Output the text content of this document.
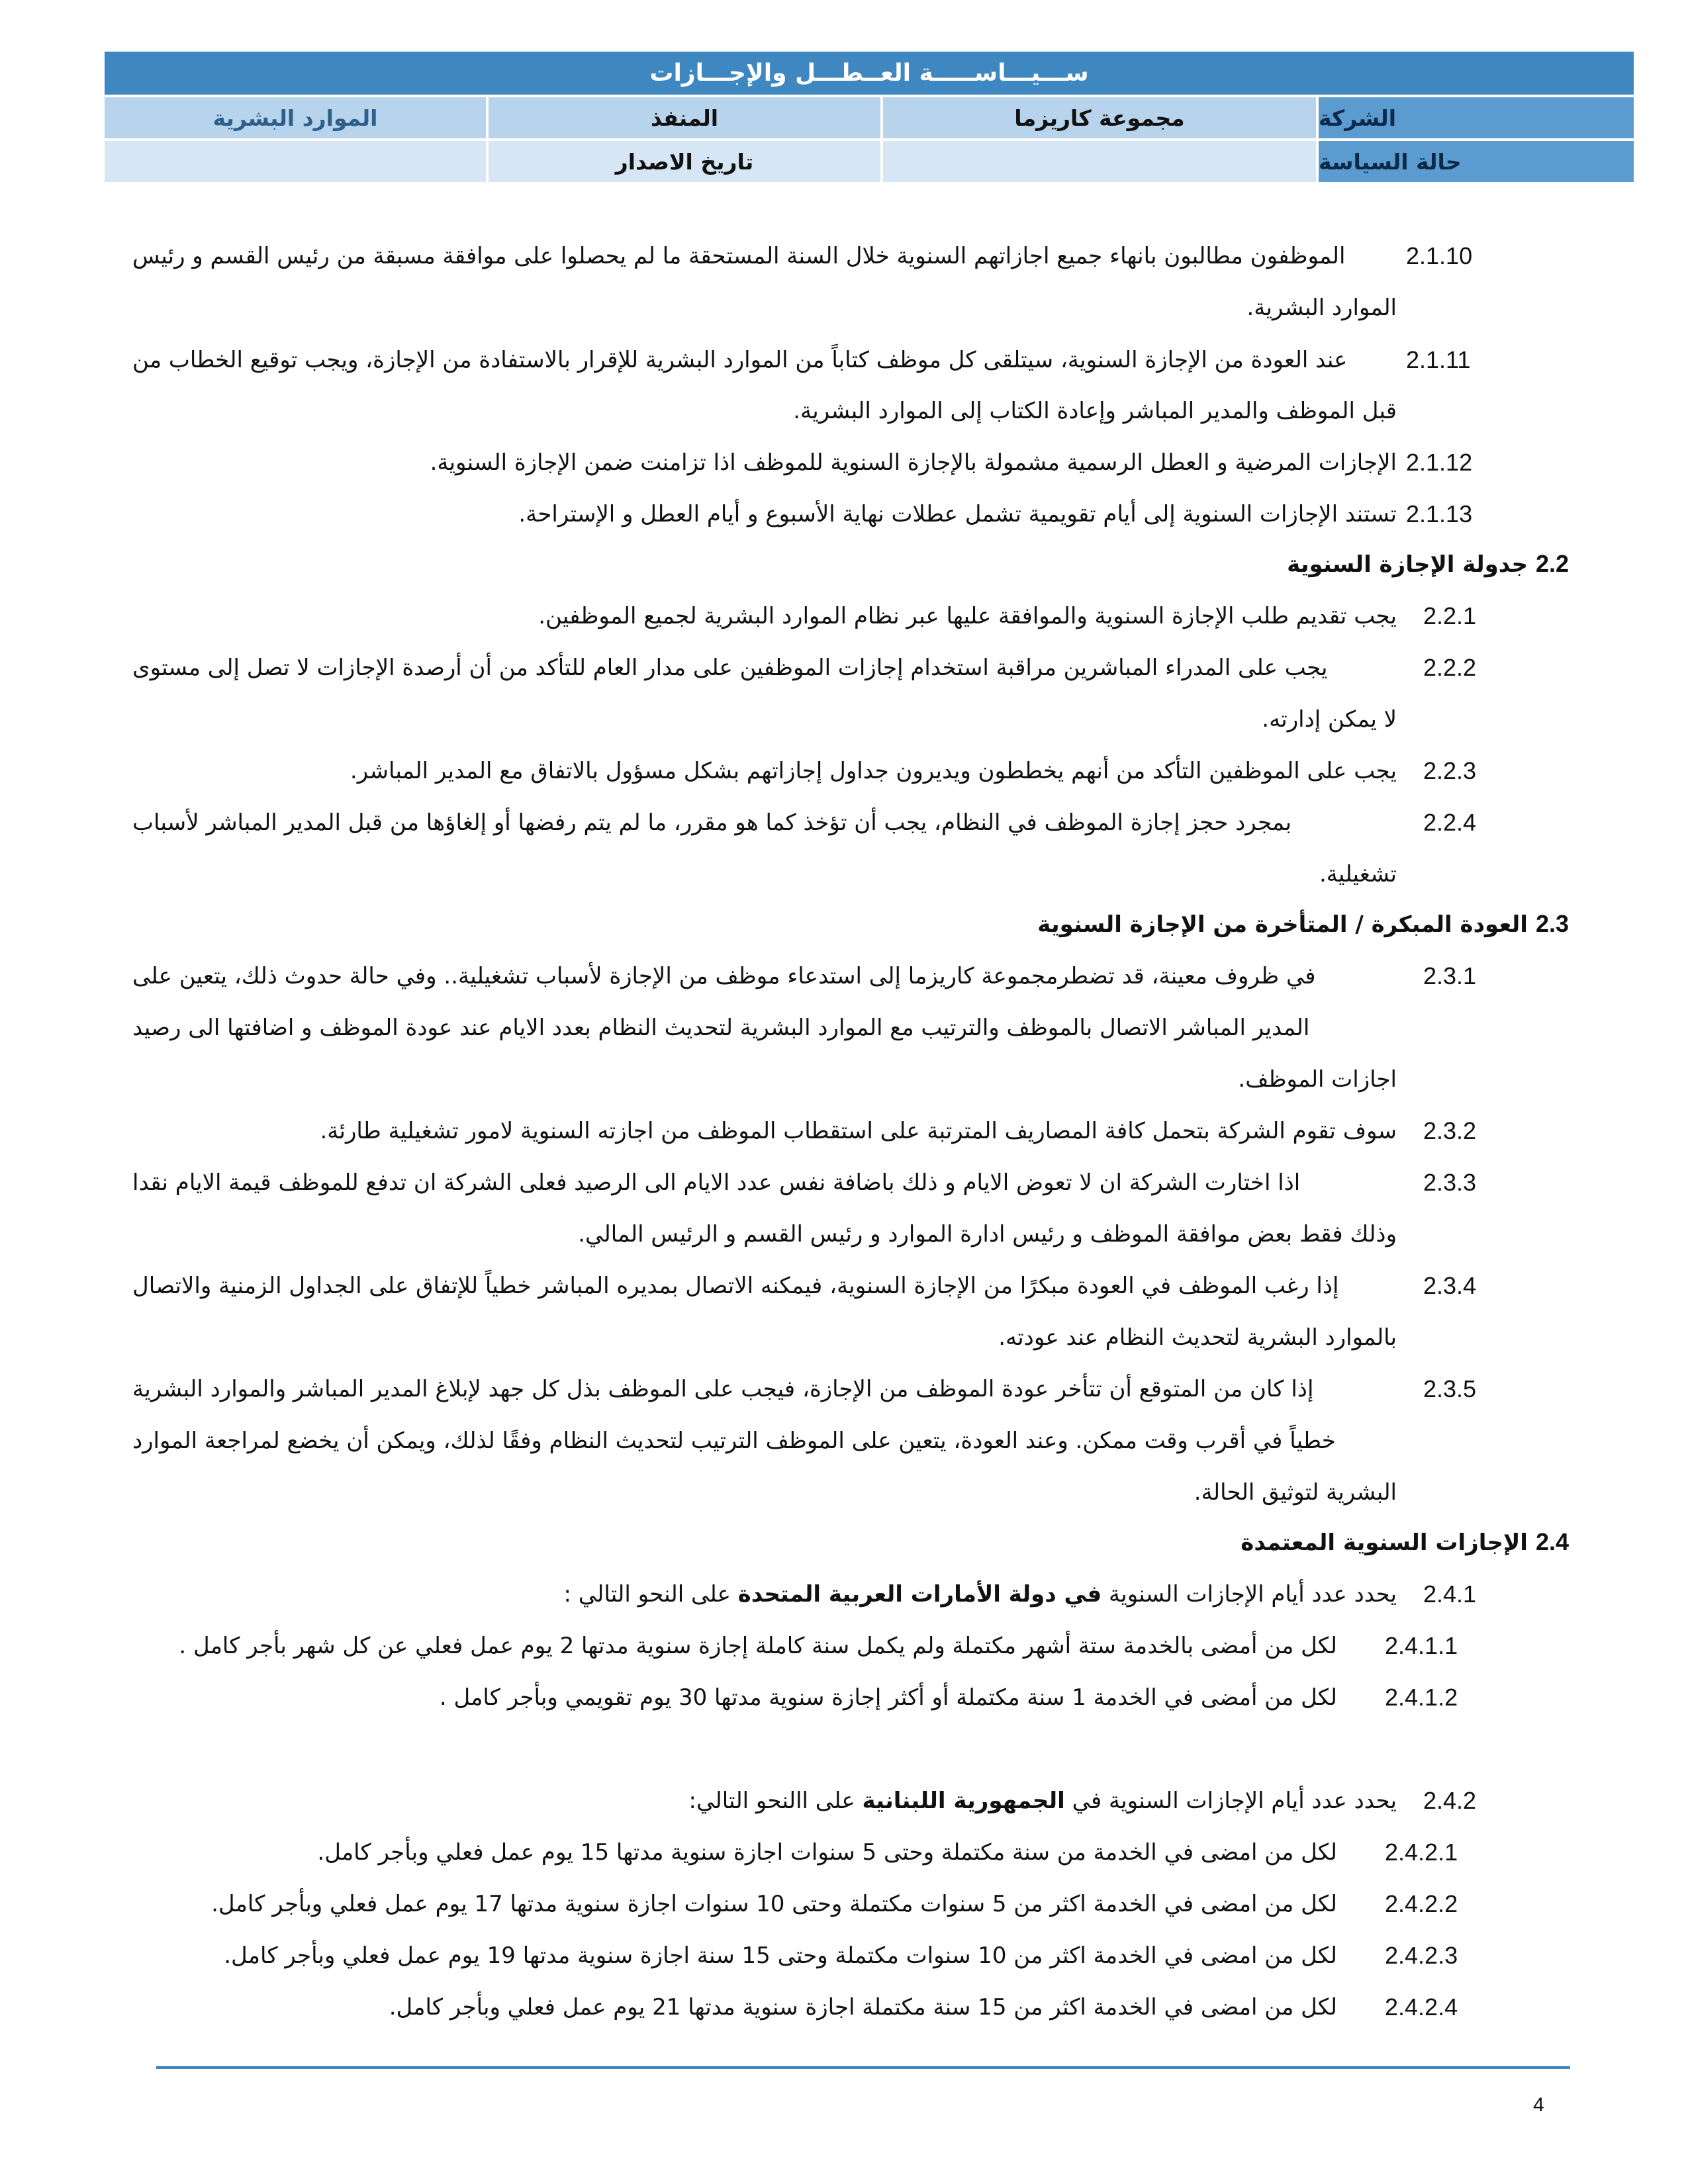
ســـيـــاســـــة العــطـــل والإجـــازات
الشركة
مجموعة كاريزما
المنفذ
الموارد البشرية
حالة السياسة
تاريخ الاصدار
2.1.10
الموظفون مطالبون بانهاء جميع اجازاتهم السنوية خلال السنة المستحقة ما لم يحصلوا على موافقة مسبقة من رئيس القسم و رئيس
الموارد البشرية.
2.1.11
عند العودة من الإجازة السنوية، سيتلقى كل موظف كتاباً من الموارد البشرية للإقرار بالاستفادة من الإجازة، ويجب توقيع الخطاب من
قبل الموظف والمدير المباشر وإعادة الكتاب إلى الموارد البشرية.
2.1.12
الإجازات المرضية و العطل الرسمية مشمولة بالإجازة السنوية للموظف اذا تزامنت ضمن الإجازة السنوية.
2.1.13
تستند الإجازات السنوية إلى أيام تقويمية تشمل عطلات نهاية الأسبوع و أيام العطل و الإستراحة.
2.2جدولة الإجازة السنوية
2.2.1
يجب تقديم طلب الإجازة السنوية والموافقة عليها عبر نظام الموارد البشرية لجميع الموظفين.
2.2.2
يجب على المدراء المباشرين مراقبة استخدام إجازات الموظفين على مدار العام للتأكد من أن أرصدة الإجازات لا تصل إلى مستوى
لا يمكن إدارته.
2.2.3
يجب على الموظفين التأكد من أنهم يخططون ويديرون جداول إجازاتهم بشكل مسؤول بالاتفاق مع المدير المباشر.
2.2.4
بمجرد حجز إجازة الموظف في النظام، يجب أن تؤخذ كما هو مقرر، ما لم يتم رفضها أو إلغاؤها من قبل المدير المباشر لأسباب
تشغيلية.
2.3العودة المبكرة / المتأخرة من الإجازة السنوية
2.3.1
في ظروف معينة، قد تضطرمجموعة كاريزما إلى استدعاء موظف من الإجازة لأسباب تشغيلية.. وفي حالة حدوث ذلك، يتعين على
المدير المباشر الاتصال بالموظف والترتيب مع الموارد البشرية لتحديث النظام بعدد الايام عند عودة الموظف و اضافتها الى رصيد
اجازات الموظف.
2.3.2
سوف تقوم الشركة بتحمل كافة المصاريف المترتبة على استقطاب الموظف من اجازته السنوية لامور تشغيلية طارئة.
2.3.3
اذا اختارت الشركة ان لا تعوض الايام و ذلك باضافة نفس عدد الايام الى الرصيد فعلى الشركة ان تدفع للموظف قيمة الايام نقدا
وذلك فقط بعض موافقة الموظف و رئيس ادارة الموارد و رئيس القسم و الرئيس المالي.
2.3.4
إذا رغب الموظف في العودة مبكرًا من الإجازة السنوية، فيمكنه الاتصال بمديره المباشر خطياً للإتفاق على الجداول الزمنية والاتصال
بالموارد البشرية لتحديث النظام عند عودته.
2.3.5
إذا كان من المتوقع أن تتأخر عودة الموظف من الإجازة، فيجب على الموظف بذل كل جهد لإبلاغ المدير المباشر والموارد البشرية
خطياً في أقرب وقت ممكن. وعند العودة، يتعين على الموظف الترتيب لتحديث النظام وفقًا لذلك، ويمكن أن يخضع لمراجعة الموارد
البشرية لتوثيق الحالة.
2.4الإجازات السنوية المعتمدة
2.4.1
يحدد عدد أيام الإجازات السنوية في دولة الأمارات العربية المتحدة على النحو التالي :
2.4.1.1
لكل من أمضى بالخدمة ستة أشهر مكتملة ولم يكمل سنة كاملة إجازة سنوية مدتها 2 يوم عمل فعلي عن كل شهر بأجر كامل .
2.4.1.2
لكل من أمضى في الخدمة 1 سنة مكتملة أو أكثر إجازة سنوية مدتها 30 يوم تقويمي وبأجر كامل .
2.4.2
يحدد عدد أيام الإجازات السنوية في الجمهورية اللبنانية على االنحو التالي:
2.4.2.1
لكل من امضى في الخدمة من سنة مكتملة وحتى 5 سنوات اجازة سنوية مدتها 15 يوم عمل فعلي وبأجر كامل.
2.4.2.2
لكل من امضى في الخدمة اكثر من 5 سنوات مكتملة وحتى 10 سنوات اجازة سنوية مدتها 17 يوم عمل فعلي وبأجر كامل.
2.4.2.3
لكل من امضى في الخدمة اكثر من 10 سنوات مكتملة وحتى 15 سنة اجازة سنوية مدتها 19 يوم عمل فعلي وبأجر كامل.
2.4.2.4
لكل من امضى في الخدمة اكثر من 15 سنة مكتملة اجازة سنوية مدتها 21 يوم عمل فعلي وبأجر كامل.
4
